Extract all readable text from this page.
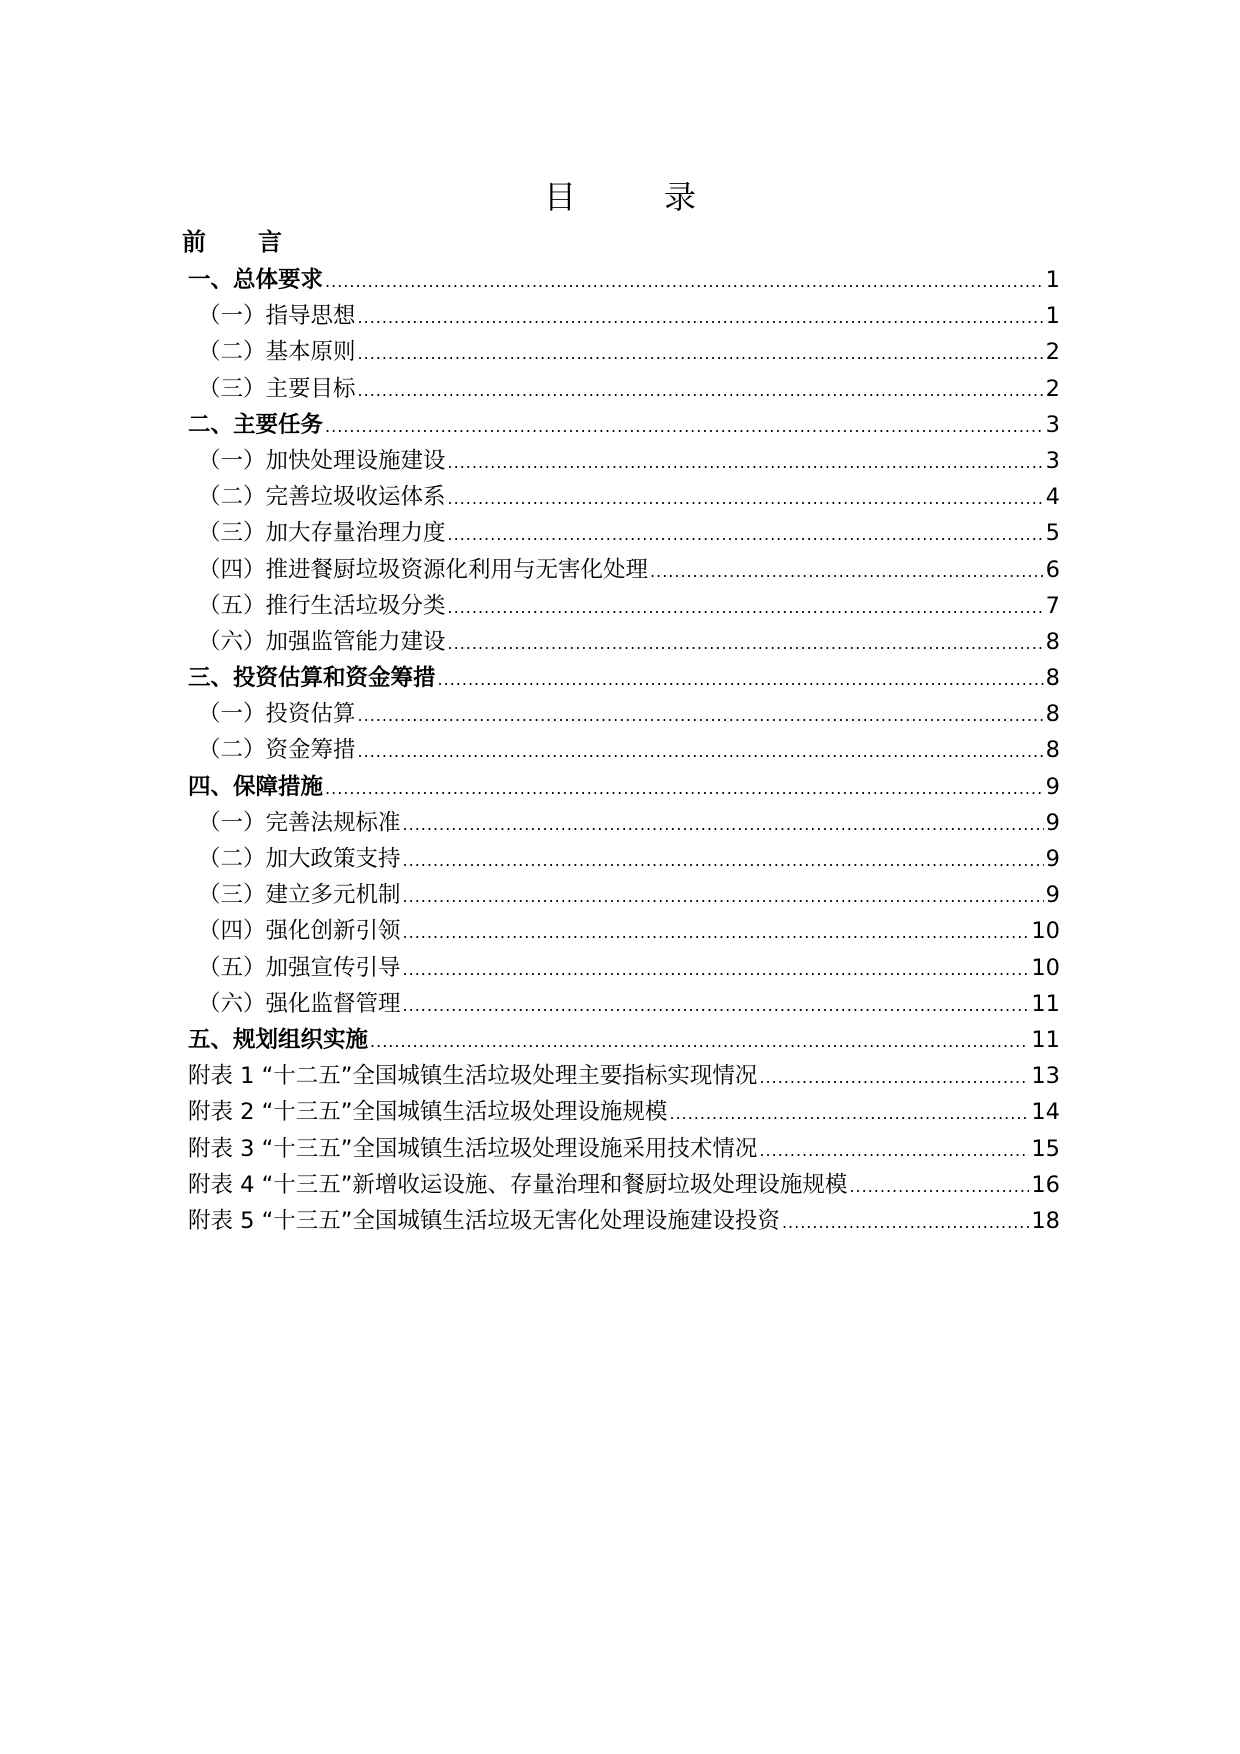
目　录
前　言
一、总体要求 .....	1
（一）指导思想 .....	1
（二）基本原则 .....	2
（三）主要目标 .....	2
二、主要任务 .....	3
（一）加快处理设施建设 .....	3
（二）完善垃圾收运体系 .....	4
（三）加大存量治理力度 .....	5
（四）推进餐厨垃圾资源化利用与无害化处理 .....	6
（五）推行生活垃圾分类 .....	7
（六）加强监管能力建设 .....	8
三、投资估算和资金筹措 .....	8
（一）投资估算 .....	8
（二）资金筹措 .....	8
四、保障措施 .....	9
（一）完善法规标准 .....	9
（二）加大政策支持 .....	9
（三）建立多元机制 .....	9
（四）强化创新引领 .....	10
（五）加强宣传引导 .....	10
（六）强化监督管理 .....	11
五、规划组织实施 .....	11
附表 1 “十二五”全国城镇生活垃圾处理主要指标实现情况 .....	13
附表 2 “十三五”全国城镇生活垃圾处理设施规模 .....	14
附表 3 “十三五”全国城镇生活垃圾处理设施采用技术情况 .....	15
附表 4 “十三五”新增收运设施、存量治理和餐厨垃圾处理设施规模 .....	16
附表 5 “十三五”全国城镇生活垃圾无害化处理设施建设投资 .....	18
